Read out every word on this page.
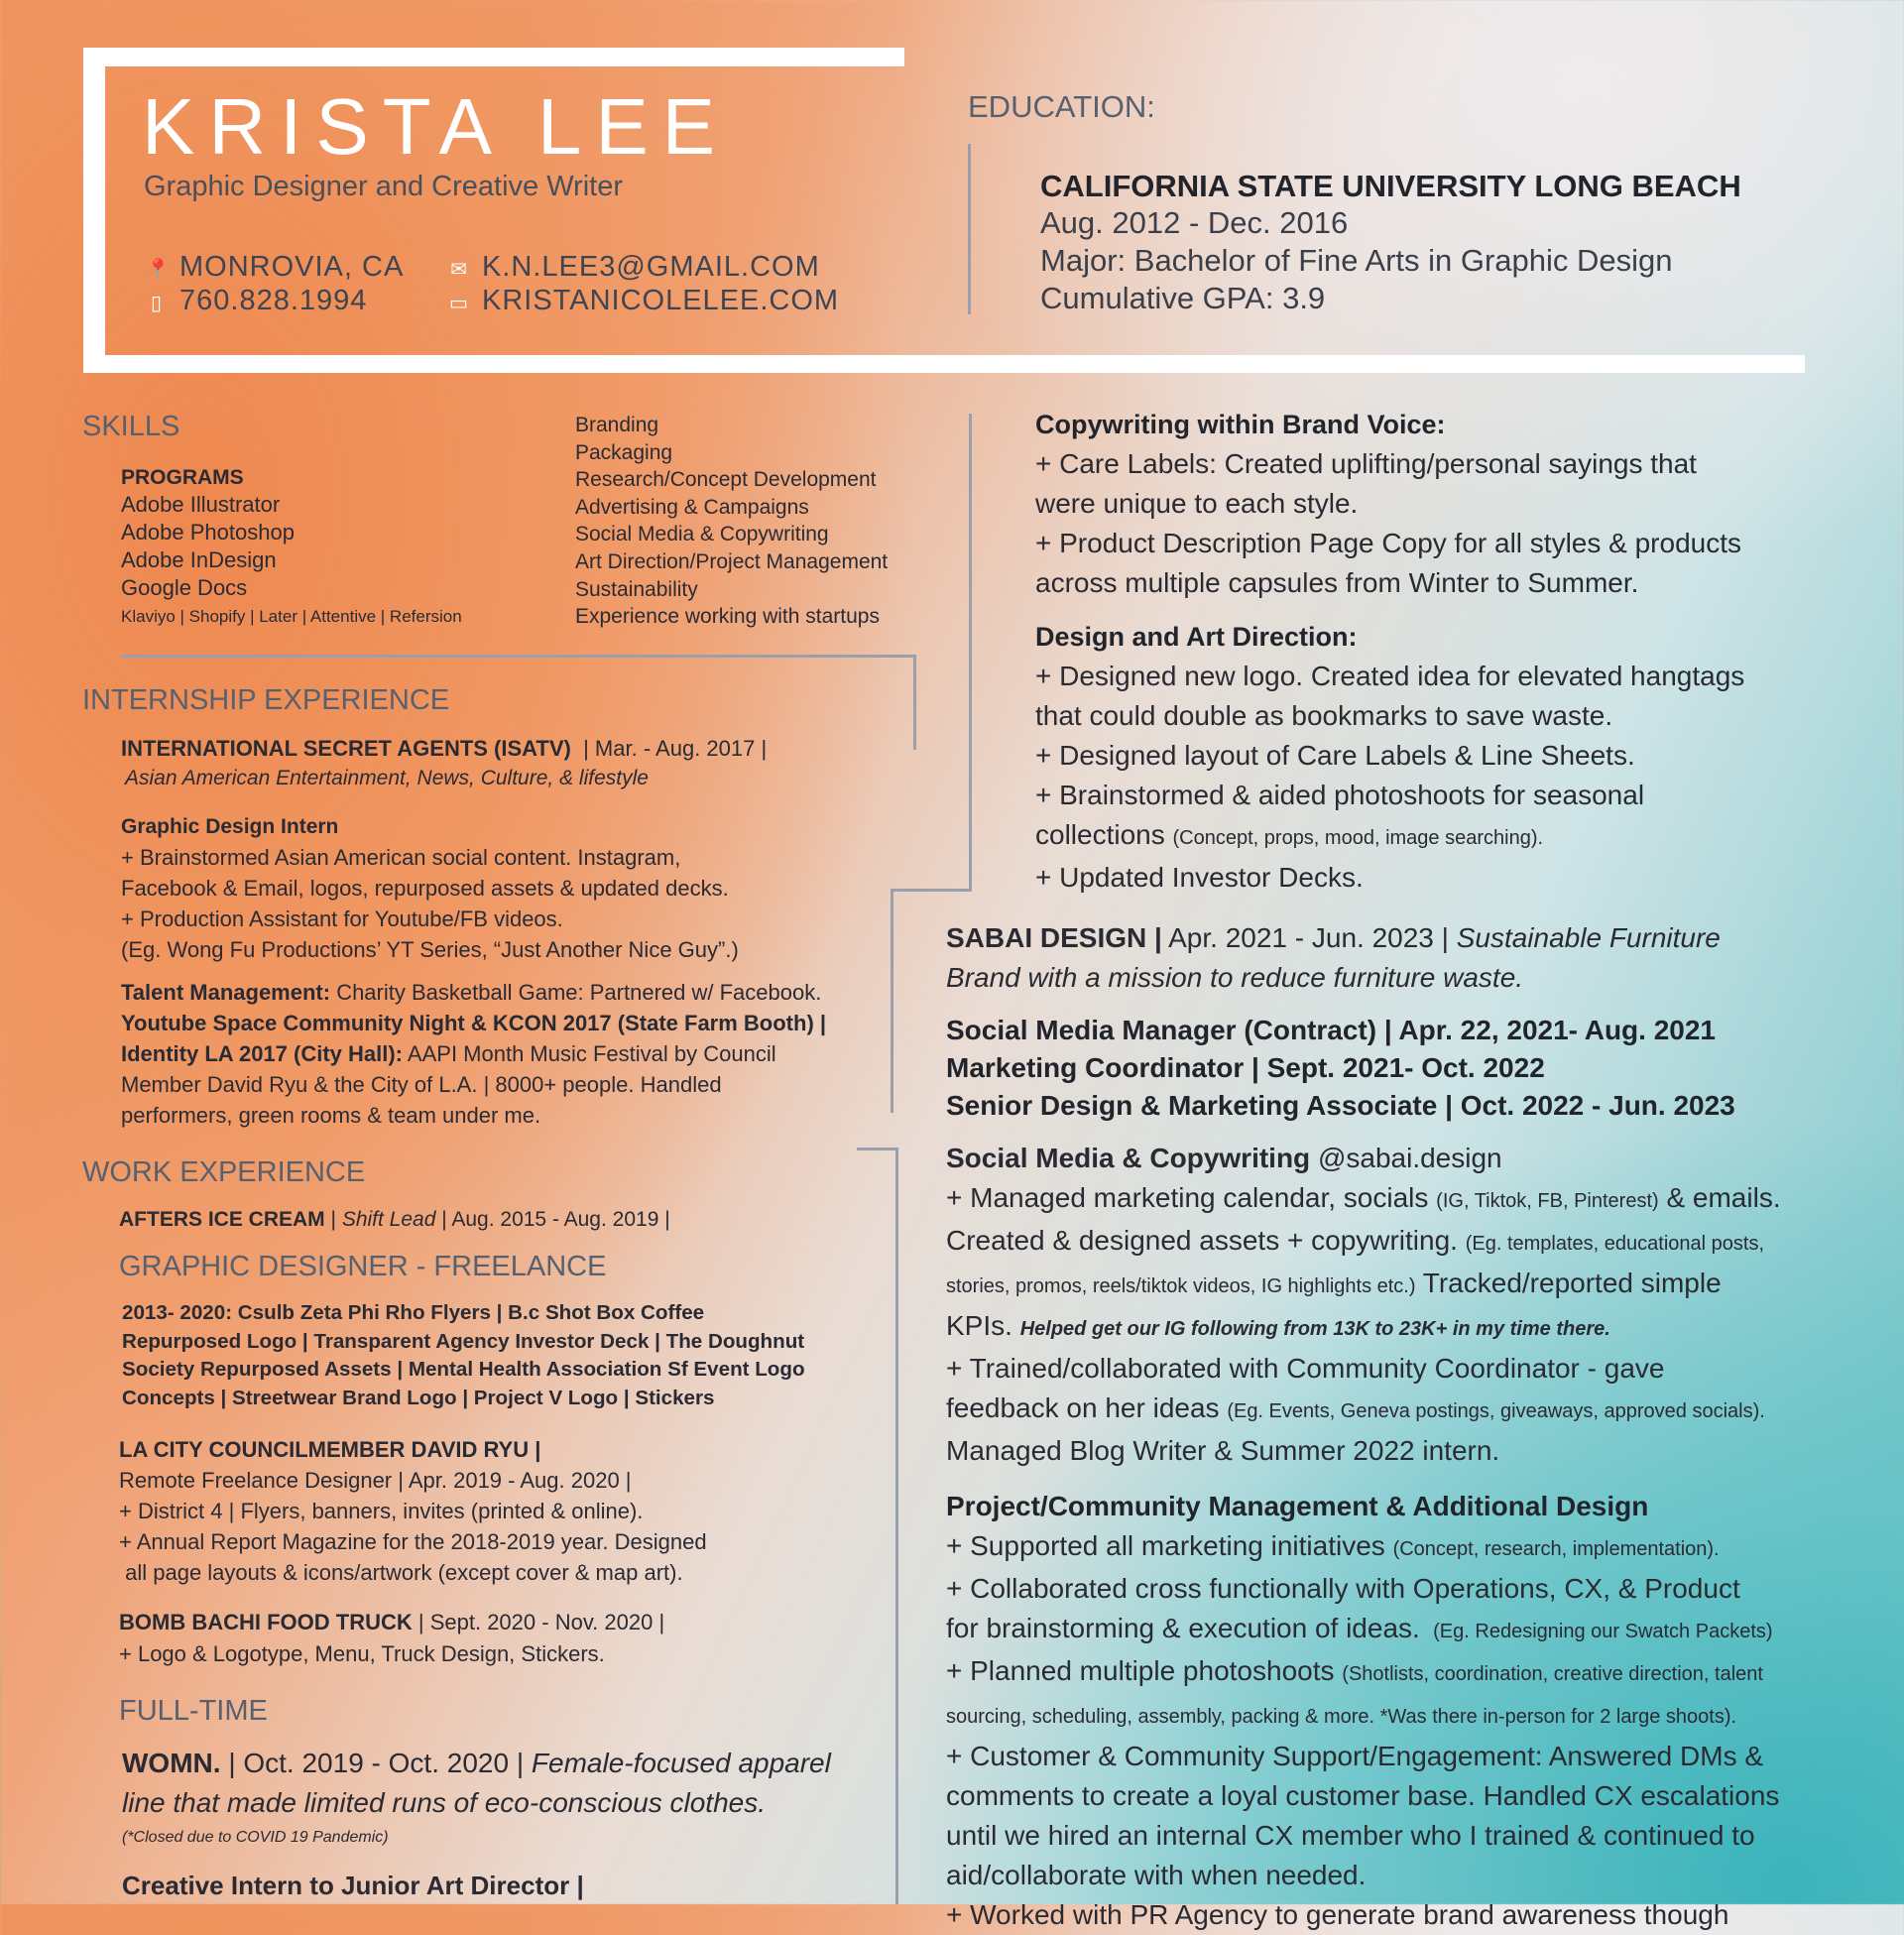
KRISTA LEE
Graphic Designer and Creative Writer
📍 MONROVIA, CA
▯ 760.828.1994
✉ K.N.LEE3@GMAIL.COM
▭ KRISTANICOLELEE.COM
EDUCATION:
CALIFORNIA STATE UNIVERSITY LONG BEACH
Aug. 2012 - Dec. 2016
Major: Bachelor of Fine Arts in Graphic Design
Cumulative GPA: 3.9
SKILLS
PROGRAMS
Adobe Illustrator
Adobe Photoshop
Adobe InDesign
Google Docs
Klaviyo | Shopify | Later | Attentive | Refersion
Branding
Packaging
Research/Concept Development
Advertising & Campaigns
Social Media & Copywriting
Art Direction/Project Management
Sustainability
Experience working with startups
INTERNSHIP EXPERIENCE
INTERNATIONAL SECRET AGENTS (ISATV) | Mar. - Aug. 2017 |
Asian American Entertainment, News, Culture, & lifestyle
Graphic Design Intern
+ Brainstormed Asian American social content. Instagram,
Facebook & Email, logos, repurposed assets & updated decks.
+ Production Assistant for Youtube/FB videos.
(Eg. Wong Fu Productions’ YT Series, “Just Another Nice Guy”.)
Talent Management: Charity Basketball Game: Partnered w/ Facebook.
Youtube Space Community Night & KCON 2017 (State Farm Booth) |
Identity LA 2017 (City Hall): AAPI Month Music Festival by Council
Member David Ryu & the City of L.A. | 8000+ people. Handled
performers, green rooms & team under me.
WORK EXPERIENCE
AFTERS ICE CREAM | Shift Lead | Aug. 2015 - Aug. 2019 |
GRAPHIC DESIGNER - FREELANCE
2013- 2020: Csulb Zeta Phi Rho Flyers | B.c Shot Box Coffee
Repurposed Logo | Transparent Agency Investor Deck | The Doughnut
Society Repurposed Assets | Mental Health Association Sf Event Logo
Concepts | Streetwear Brand Logo | Project V Logo | Stickers
LA CITY COUNCILMEMBER DAVID RYU |
Remote Freelance Designer | Apr. 2019 - Aug. 2020 |
+ District 4 | Flyers, banners, invites (printed & online).
+ Annual Report Magazine for the 2018-2019 year. Designed
all page layouts & icons/artwork (except cover & map art).
BOMB BACHI FOOD TRUCK | Sept. 2020 - Nov. 2020 |
+ Logo & Logotype, Menu, Truck Design, Stickers.
FULL-TIME
WOMN. | Oct. 2019 - Oct. 2020 | Female-focused apparel
line that made limited runs of eco-conscious clothes.
(*Closed due to COVID 19 Pandemic)
Creative Intern to Junior Art Director |
Copywriting within Brand Voice:
+ Care Labels: Created uplifting/personal sayings that
were unique to each style.
+ Product Description Page Copy for all styles & products
across multiple capsules from Winter to Summer.
Design and Art Direction:
+ Designed new logo. Created idea for elevated hangtags
that could double as bookmarks to save waste.
+ Designed layout of Care Labels & Line Sheets.
+ Brainstormed & aided photoshoots for seasonal
collections (Concept, props, mood, image searching).
+ Updated Investor Decks.
SABAI DESIGN | Apr. 2021 - Jun. 2023 | Sustainable Furniture
Brand with a mission to reduce furniture waste.
Social Media Manager (Contract) | Apr. 22, 2021- Aug. 2021
Marketing Coordinator | Sept. 2021- Oct. 2022
Senior Design & Marketing Associate | Oct. 2022 - Jun. 2023
Social Media & Copywriting @sabai.design
+ Managed marketing calendar, socials (IG, Tiktok, FB, Pinterest) & emails.
Created & designed assets + copywriting. (Eg. templates, educational posts,
stories, promos, reels/tiktok videos, IG highlights etc.) Tracked/reported simple
KPIs. Helped get our IG following from 13K to 23K+ in my time there.
+ Trained/collaborated with Community Coordinator - gave
feedback on her ideas (Eg. Events, Geneva postings, giveaways, approved socials).
Managed Blog Writer & Summer 2022 intern.
Project/Community Management & Additional Design
+ Supported all marketing initiatives (Concept, research, implementation).
+ Collaborated cross functionally with Operations, CX, & Product
for brainstorming & execution of ideas.  (Eg. Redesigning our Swatch Packets)
+ Planned multiple photoshoots (Shotlists, coordination, creative direction, talent
sourcing, scheduling, assembly, packing & more. *Was there in-person for 2 large shoots).
+ Customer & Community Support/Engagement: Answered DMs &
comments to create a loyal customer base. Handled CX escalations
until we hired an internal CX member who I trained & continued to
aid/collaborate with when needed.
+ Worked with PR Agency to generate brand awareness though
